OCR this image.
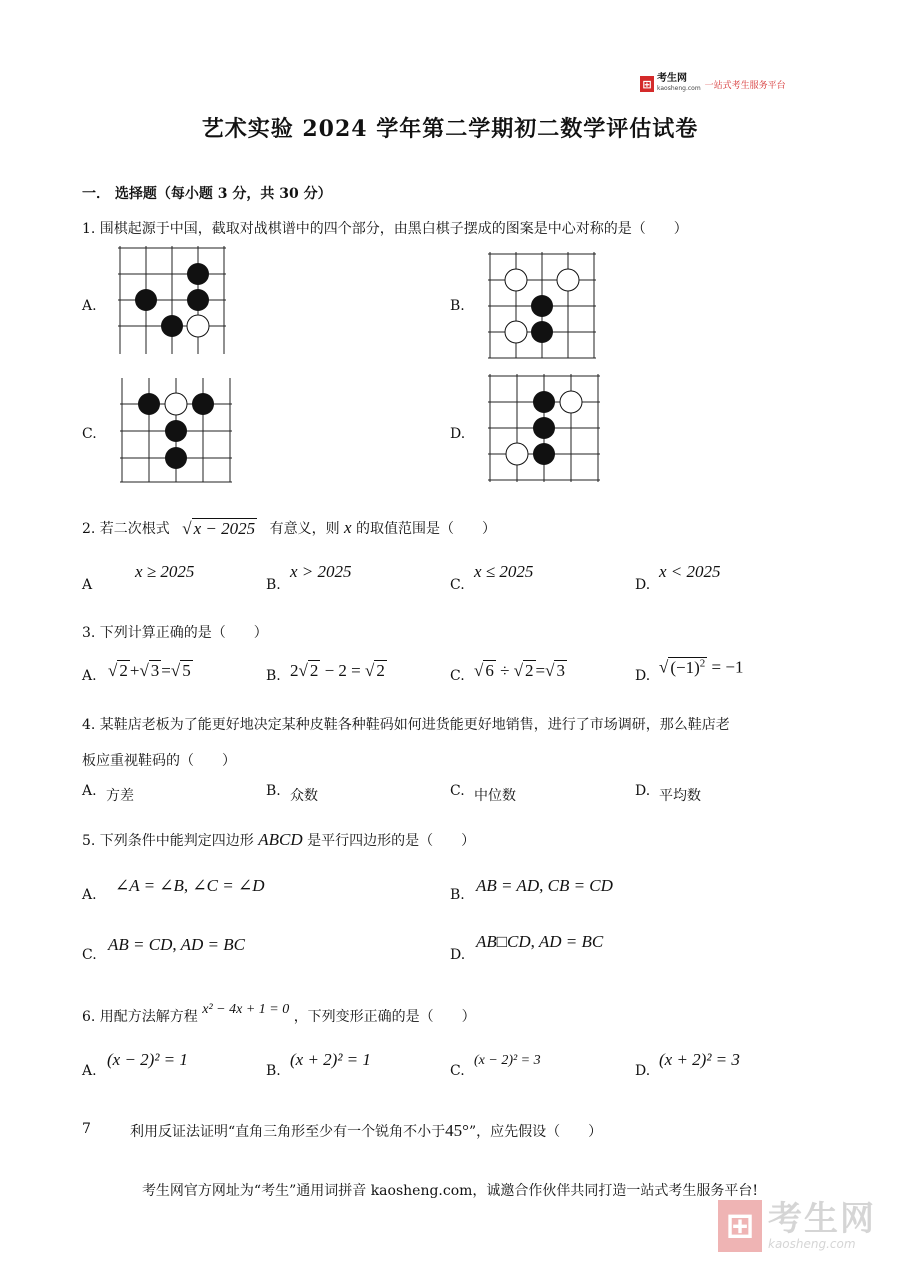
⊞ 考生网
kaosheng.com 一站式考生服务平台
艺术实验 2024 学年第二学期初二数学评估试卷
一． 选择题（每小题 3 分，共 30 分）
1. 围棋起源于中国，截取对战棋谱中的四个部分，由黑白棋子摆成的图案是中心对称的是（　　）
A.	B.
C.	D.
2. 若二次根式 √ x − 2025 有意义，则 x 的取值范围是（　　）
A
x ≥ 2025
B.
x > 2025
C.
x ≤ 2025
D.
x < 2025
3. 下列计算正确的是（　　）
A. √ 2 +√ 3 =√ 5	B. 2√ 2 − 2 = √ 2	C. √ 6 ÷ √ 2 =√ 3	D. √ $(-1)^2 = -1$
4. 某鞋店老板为了能更好地决定某种皮鞋各种鞋码如何进货能更好地销售，进行了市场调研，那么鞋店老
板应重视鞋码的（　　）
A. 方差	B. 众数	C. 中位数	D. 平均数
5. 下列条件中能判定四边形 ABCD 是平行四边形的是（　　）
A. ∠A = ∠B, ∠C = ∠D	B. AB = AD, CB = CD
C.
AB = CD, AD = BC
D.
AB□CD, AD = BC
6. 用配方法解方程 x² − 4x + 1 = 0 ，下列变形正确的是（　　）
A.
(x − 2)² = 1
B.
(x + 2)² = 1
C.
(x − 2)² = 3
D.
(x + 2)² = 3
7	利用反证法证明“直角三角形至少有一个锐角不小于45°”，应先假设（　　）
考生网官方网址为“考生”通用词拼音 kaosheng.com，诚邀合作伙伴共同打造一站式考生服务平台!
⊞ 考生网
kaosheng.com
